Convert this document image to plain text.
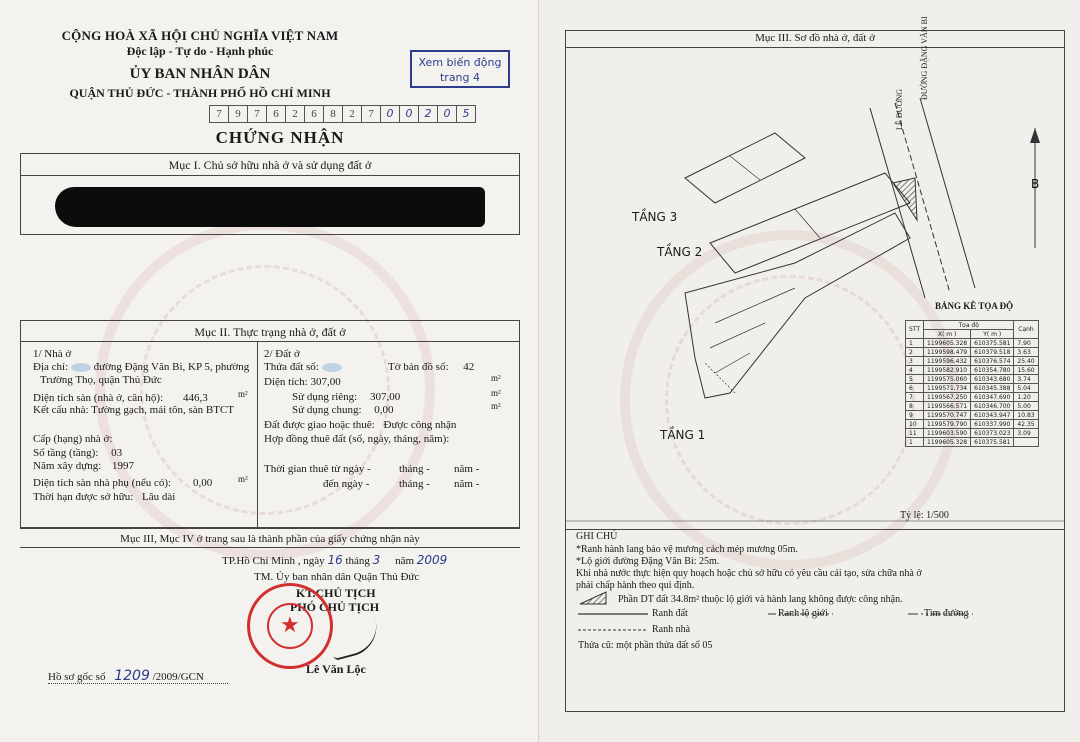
CỘNG HOÀ XÃ HỘI CHỦ NGHĨA VIỆT NAM
Độc lập - Tự do - Hạnh phúc
ỦY BAN NHÂN DÂN
QUẬN THỦ ĐỨC - THÀNH PHỐ HỒ CHÍ MINH
Xem biến động trang 4
7	9	7	6	2	6	8	2	7	0	0	2	0	5
CHỨNG NHẬN
Mục I. Chủ sở hữu nhà ở và sử dụng đất ở
Mục II. Thực trạng nhà ở, đất ở
1/ Nhà ở
Địa chỉ: đường Đặng Văn Bi, KP 5, phường
Trường Thọ, quận Thủ Đức
Diện tích sàn (nhà ở, căn hộ): 446,3	m²
Kết cấu nhà: Tường gạch, mái tôn, sàn BTCT
Cấp (hạng) nhà ở:
Số tầng (tầng): 03
Năm xây dựng: 1997
Diện tích sàn nhà phụ (nếu có): 0,00	m²
Thời hạn được sở hữu: Lâu dài
2/ Đất ở
Thửa đất số:	Tờ bản đồ số: 42
Diện tích: 307,00	m²
Sử dụng riêng: 307,00	m²
Sử dụng chung: 0,00	m²
Đất được giao hoặc thuê: Được công nhận
Hợp đồng thuê đất (số, ngày, tháng, năm):
Thời gian thuê từ ngày -	tháng - năm -
đến ngày -	tháng - năm -
Mục III, Mục IV ở trang sau là thành phần của giấy chứng nhận này
TP.Hồ Chí Minh , ngày 16 tháng 3 năm 2009
TM. Ủy ban nhân dân Quận Thủ Đức
KT.CHỦ TỊCH
PHÓ CHỦ TỊCH
★
Lê Văn Lộc
Hồ sơ gốc số 1209 /2009/GCN
Mục III. Sơ đồ nhà ở, đất ở
B
TẦNG 3
TẦNG 2
TẦNG 1
ĐƯỜNG ĐẶNG VĂN BI
LỀ ĐƯỜNG
BẢNG KÊ TỌA ĐỘ
STT	Tọa độ		Cạnh
	X( m )	Y( m )	
1	1199605.328	610375.581	7.90
2	1199598.479	610379.518	3.63
3	1199596.432	610376.574	25.40
4	1199582.910	610354.780	15.60
5	1199575.060	610343.680	3.74
6	1199571.734	610345.388	5.04
7	1199567.250	610347.690	1.20
8	1199566.571	610346.700	5.00
9	1199570.747	610343.947	10.83
10	1199579.790	610337.990	42.35
11	1199603.590	610373.023	3.09
1	1199605.328	610375.581	
Tỷ lệ: 1/500
GHI CHÚ
*Ranh hành lang bảo vệ mương cách mép mương 05m.
*Lộ giới đường Đặng Văn Bi: 25m.
Khi nhà nước thực hiện quy hoạch hoặc chủ sở hữu có yêu cầu cải tạo, sửa chữa nhà ở
phải chấp hành theo qui định.
Phần DT đất 34.8m² thuộc lộ giới và hành lang không được công nhận.
Ranh đất	Ranh lộ giới	Tim đường
Ranh nhà
Thửa cũ: một phần thửa đất số 05
